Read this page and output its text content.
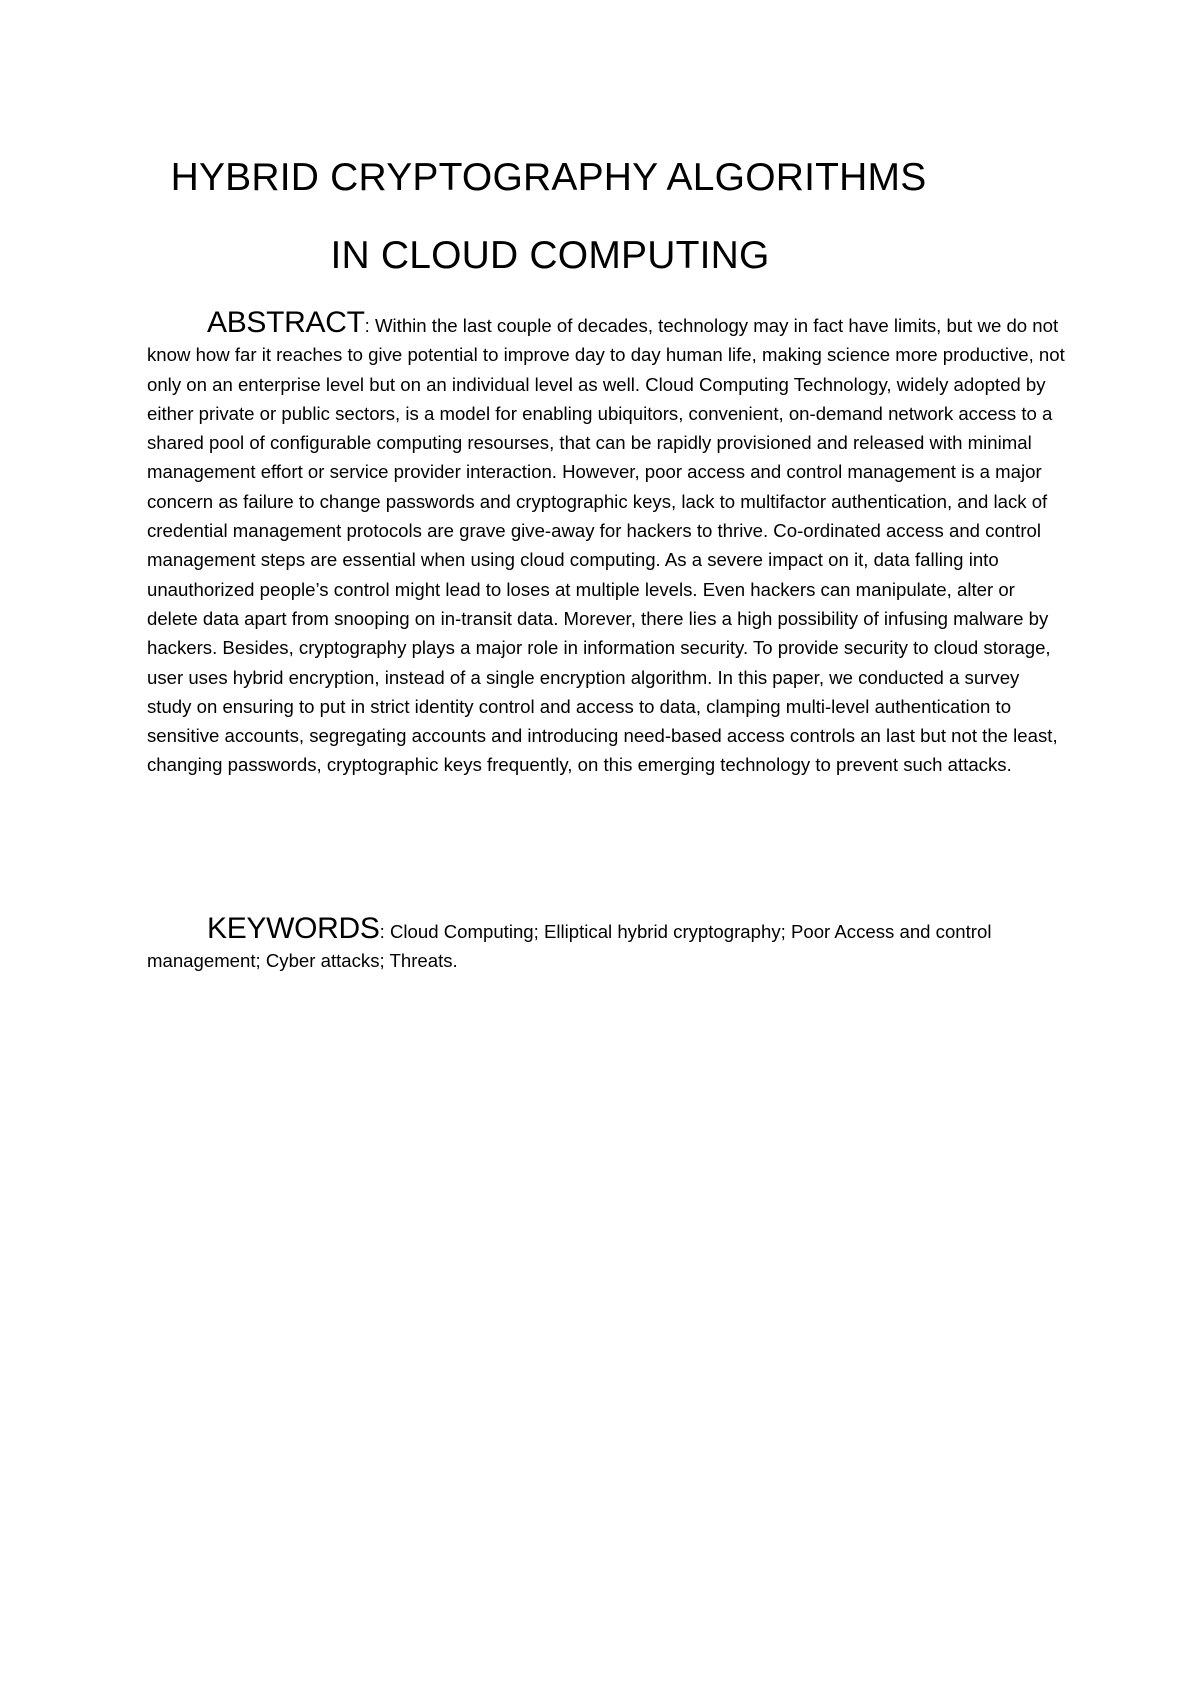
HYBRID CRYPTOGRAPHY ALGORITHMS
IN CLOUD COMPUTING

ABSTRACT: Within the last couple of decades, technology may in fact have limits, but we do not know how far it reaches to give potential to improve day to day human life, making science more productive, not only on an enterprise level but on an individual level as well. Cloud Computing Technology, widely adopted by either private or public sectors, is a model for enabling ubiquitors, convenient, on-demand network access to a shared pool of configurable computing resourses, that can be rapidly provisioned and released with minimal management effort or service provider interaction. However, poor access and control management is a major concern as failure to change passwords and cryptographic keys, lack to multifactor authentication, and lack of credential management protocols are grave give-away for hackers to thrive. Co-ordinated access and control management steps are essential when using cloud computing. As a severe impact on it, data falling into unauthorized people’s control might lead to loses at multiple levels. Even hackers can manipulate, alter or delete data apart from snooping on in-transit data. Morever, there lies a high possibility of infusing malware by hackers. Besides, cryptography plays a major role in information security. To provide security to cloud storage, user uses hybrid encryption, instead of a single encryption algorithm. In this paper, we conducted a survey study on ensuring to put in strict identity control and access to data, clamping multi-level authentication to sensitive accounts, segregating accounts and introducing need-based access controls an last but not the least, changing passwords, cryptographic keys frequently, on this emerging technology to prevent such attacks.

KEYWORDS: Cloud Computing; Elliptical hybrid cryptography; Poor Access and control management; Cyber attacks; Threats.
